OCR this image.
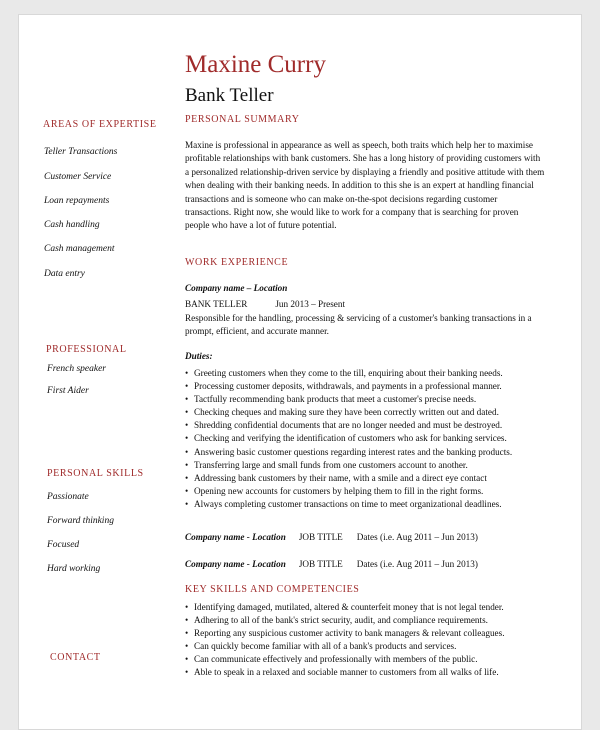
AREAS OF EXPERTISE
Teller Transactions
Customer Service
Loan repayments
Cash handling
Cash management
Data entry
PROFESSIONAL
French speaker
First Aider
PERSONAL SKILLS
Passionate
Forward thinking
Focused
Hard working
CONTACT
Maxine Curry
Bank Teller
PERSONAL SUMMARY
Maxine is professional in appearance as well as speech, both traits which help her to maximise profitable relationships with bank customers. She has a long history of providing customers with a personalized relationship-driven service by displaying a friendly and positive attitude with them when dealing with their banking needs. In addition to this she is an expert at handling financial transactions and is someone who can make on-the-spot decisions regarding customer transactions. Right now, she would like to work for a company that is searching for proven people who have a lot of future potential.
WORK EXPERIENCE
Company name – Location
BANK TELLER	Jun 2013 – Present
Responsible for the handling, processing & servicing of a customer's banking transactions in a prompt, efficient, and accurate manner.
Duties:
• Greeting customers when they come to the till, enquiring about their banking needs.
• Processing customer deposits, withdrawals, and payments in a professional manner.
• Tactfully recommending bank products that meet a customer's precise needs.
• Checking cheques and making sure they have been correctly written out and dated.
• Shredding confidential documents that are no longer needed and must be destroyed.
• Checking and verifying the identification of customers who ask for banking services.
• Answering basic customer questions regarding interest rates and the banking products.
• Transferring large and small funds from one customers account to another.
• Addressing bank customers by their name, with a smile and a direct eye contact
• Opening new accounts for customers by helping them to fill in the right forms.
• Always completing customer transactions on time to meet organizational deadlines.
Company name - Location JOB TITLE Dates (i.e. Aug 2011 – Jun 2013)
Company name - Location JOB TITLE Dates (i.e. Aug 2011 – Jun 2013)
KEY SKILLS AND COMPETENCIES
• Identifying damaged, mutilated, altered & counterfeit money that is not legal tender.
• Adhering to all of the bank's strict security, audit, and compliance requirements.
• Reporting any suspicious customer activity to bank managers & relevant colleagues.
• Can quickly become familiar with all of a bank's products and services.
• Can communicate effectively and professionally with members of the public.
• Able to speak in a relaxed and sociable manner to customers from all walks of life.
